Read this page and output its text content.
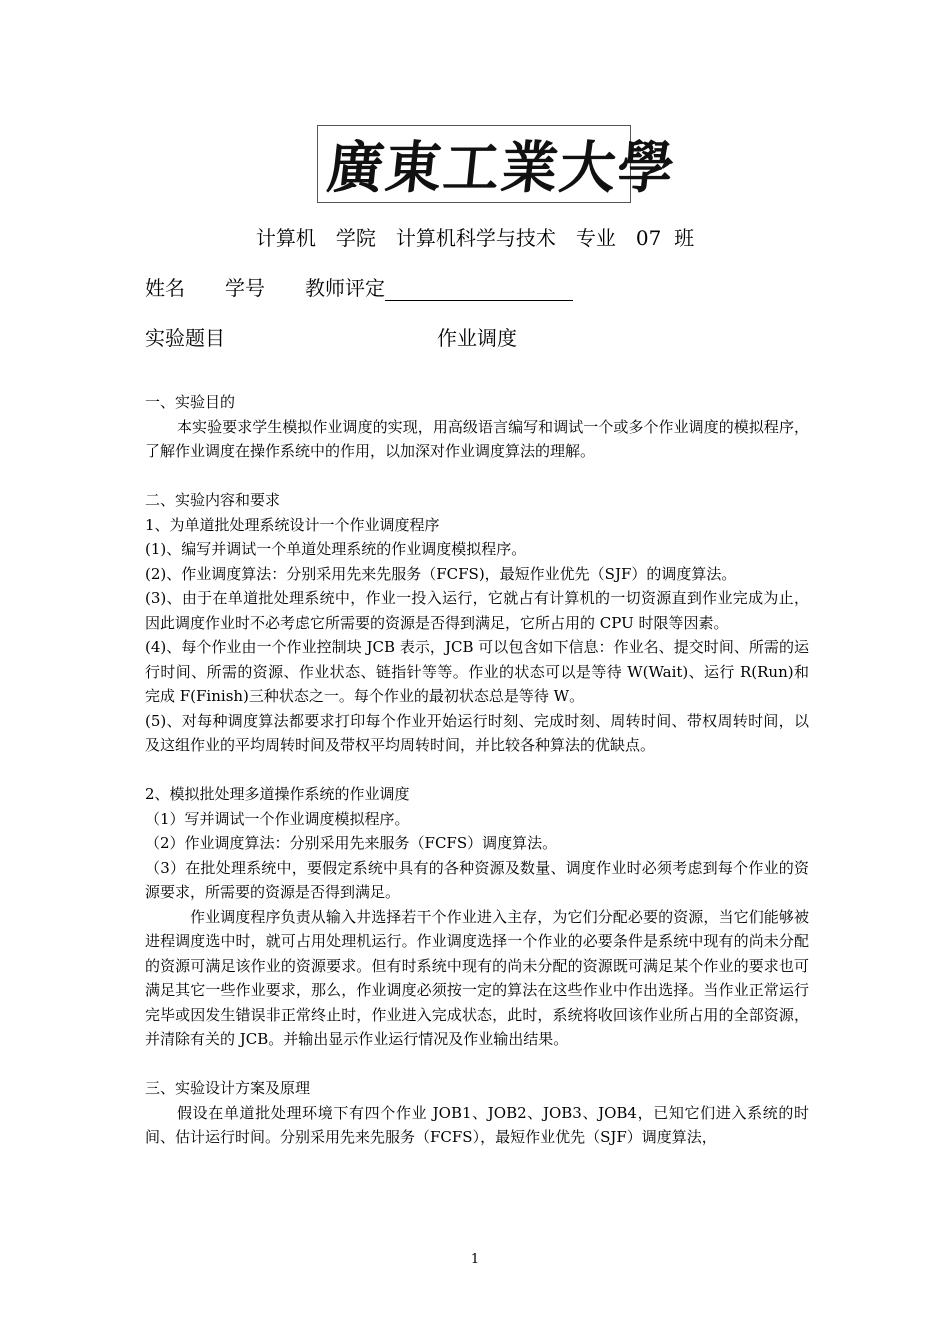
廣
東
工
業
大
學
计算机　学院　计算机科学与技术　专业　07  班
姓名　　学号　　教师评定
实验题目	作业调度

一、实验目的

本实验要求学生模拟作业调度的实现，用高级语言编写和调试一个或多个作业调度的模拟程序，了解作业调度在操作系统中的作用，以加深对作业调度算法的理解。

二、实验内容和要求

1、为单道批处理系统设计一个作业调度程序

(1)、编写并调试一个单道处理系统的作业调度模拟程序。

(2)、作业调度算法：分别采用先来先服务（FCFS)，最短作业优先（SJF）的调度算法。

(3)、由于在单道批处理系统中，作业一投入运行，它就占有计算机的一切资源直到作业完成为止，因此调度作业时不必考虑它所需要的资源是否得到满足，它所占用的 CPU 时限等因素。

(4)、每个作业由一个作业控制块 JCB 表示，JCB 可以包含如下信息：作业名、提交时间、所需的运行时间、所需的资源、作业状态、链指针等等。作业的状态可以是等待 W(Wait)、运行 R(Run)和完成 F(Finish)三种状态之一。每个作业的最初状态总是等待 W。

(5)、对每种调度算法都要求打印每个作业开始运行时刻、完成时刻、周转时间、带权周转时间，以及这组作业的平均周转时间及带权平均周转时间，并比较各种算法的优缺点。

2、模拟批处理多道操作系统的作业调度

（1）写并调试一个作业调度模拟程序。

（2）作业调度算法：分别采用先来服务（FCFS）调度算法。

（3）在批处理系统中，要假定系统中具有的各种资源及数量、调度作业时必须考虑到每个作业的资源要求，所需要的资源是否得到满足。

作业调度程序负责从输入井选择若干个作业进入主存，为它们分配必要的资源，当它们能够被进程调度选中时，就可占用处理机运行。作业调度选择一个作业的必要条件是系统中现有的尚未分配的资源可满足该作业的资源要求。但有时系统中现有的尚未分配的资源既可满足某个作业的要求也可满足其它一些作业要求，那么，作业调度必须按一定的算法在这些作业中作出选择。当作业正常运行完毕或因发生错误非正常终止时，作业进入完成状态，此时，系统将收回该作业所占用的全部资源，并清除有关的 JCB。并输出显示作业运行情况及作业输出结果。

三、实验设计方案及原理

假设在单道批处理环境下有四个作业 JOB1、JOB2、JOB3、JOB4，已知它们进入系统的时间、估计运行时间。分别采用先来先服务（FCFS），最短作业优先（SJF）调度算法，

1
